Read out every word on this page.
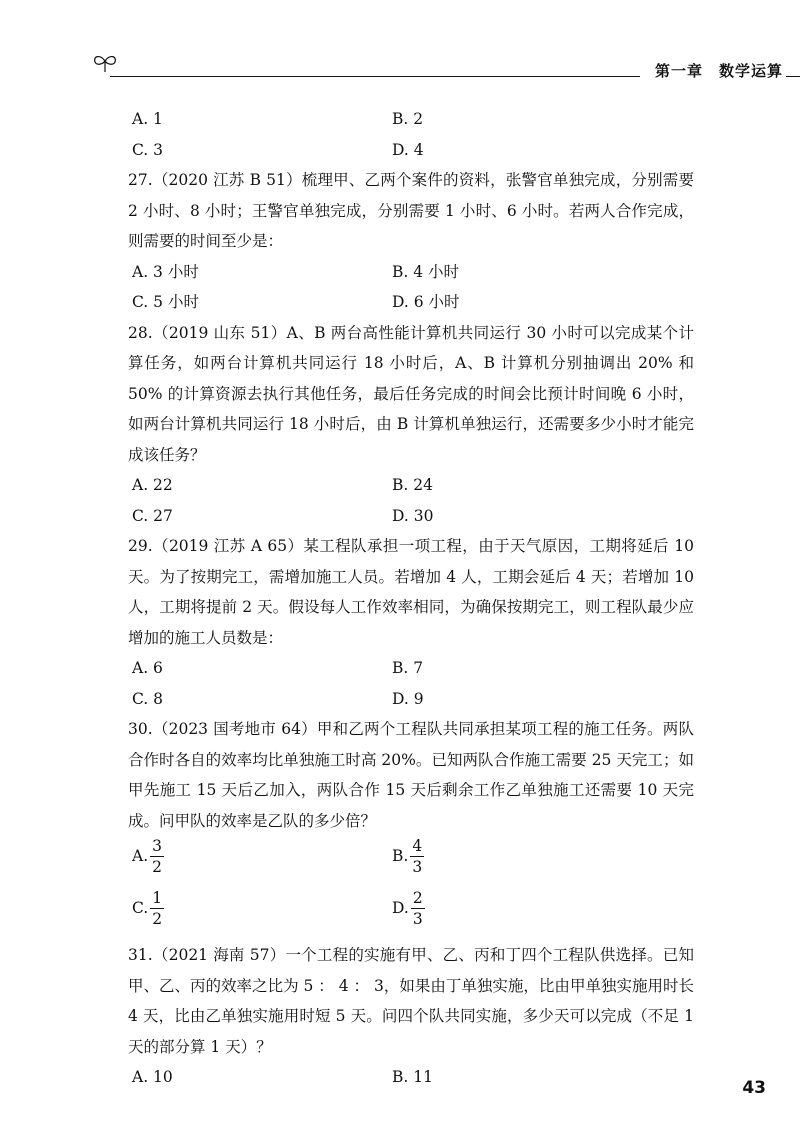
第一章　数学运算
A. 1	B. 2
C. 3	D. 4

27.（2020 江苏 B 51）梳理甲、乙两个案件的资料，张警官单独完成，分别需要 2 小时、8 小时；王警官单独完成，分别需要 1 小时、6 小时。若两人合作完成，则需要的时间至少是：

A. 3 小时	B. 4 小时
C. 5 小时	D. 6 小时

28.（2019 山东 51）A、B 两台高性能计算机共同运行 30 小时可以完成某个计算任务，如两台计算机共同运行 18 小时后，A、B 计算机分别抽调出 20% 和 50% 的计算资源去执行其他任务，最后任务完成的时间会比预计时间晚 6 小时，如两台计算机共同运行 18 小时后，由 B 计算机单独运行，还需要多少小时才能完成该任务？

A. 22	B. 24
C. 27	D. 30

29.（2019 江苏 A 65）某工程队承担一项工程，由于天气原因，工期将延后 10 天。为了按期完工，需增加施工人员。若增加 4 人，工期会延后 4 天；若增加 10 人，工期将提前 2 天。假设每人工作效率相同，为确保按期完工，则工程队最少应增加的施工人员数是：

A. 6	B. 7
C. 8	D. 9

30.（2023 国考地市 64）甲和乙两个工程队共同承担某项工程的施工任务。两队合作时各自的效率均比单独施工时高 20%。已知两队合作施工需要 25 天完工；如甲先施工 15 天后乙加入，两队合作 15 天后剩余工作乙单独施工还需要 10 天完成。问甲队的效率是乙队的多少倍？

A. $\frac{3}{2}$	B. $\frac{4}{3}$
C. $\frac{1}{2}$	D. $\frac{2}{3}$

31.（2021 海南 57）一个工程的实施有甲、乙、丙和丁四个工程队供选择。已知甲、乙、丙的效率之比为 5 ： 4 ： 3，如果由丁单独实施，比由甲单独实施用时长 4 天，比由乙单独实施用时短 5 天。问四个队共同实施，多少天可以完成（不足 1 天的部分算 1 天）？

A. 10	B. 11
43
